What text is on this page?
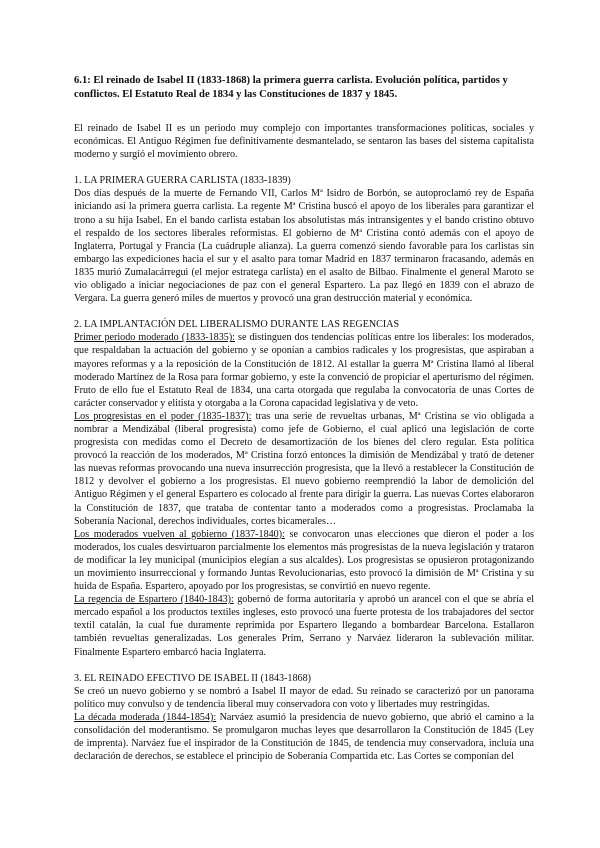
6.1: El reinado de Isabel II (1833-1868) la primera guerra carlista. Evolución política, partidos y conflictos. El Estatuto Real de 1834 y las Constituciones de 1837 y 1845.

El reinado de Isabel II es un periodo muy complejo con importantes transformaciones políticas, sociales y económicas. El Antiguo Régimen fue definitivamente desmantelado, se sentaron las bases del sistema capitalista moderno y surgió el movimiento obrero.

1. LA PRIMERA GUERRA CARLISTA (1833-1839)

Dos días después de la muerte de Fernando VII, Carlos Mª Isidro de Borbón, se autoproclamó rey de España iniciando así la primera guerra carlista. La regente Mª Cristina buscó el apoyo de los liberales para garantizar el trono a su hija Isabel. En el bando carlista estaban los absolutistas más intransigentes y el bando cristino obtuvo el respaldo de los sectores liberales reformistas. El gobierno de Mª Cristina contó además con el apoyo de Inglaterra, Portugal y Francia (La cuádruple alianza). La guerra comenzó siendo favorable para los carlistas sin embargo las expediciones hacia el sur y el asalto para tomar Madrid en 1837 terminaron fracasando, además en 1835 murió Zumalacárregui (el mejor estratega carlista) en el asalto de Bilbao. Finalmente el general Maroto se vio obligado a iniciar negociaciones de paz con el general Espartero. La paz llegó en 1839 con el abrazo de Vergara. La guerra generó miles de muertos y provocó una gran destrucción material y económica.

2. LA IMPLANTACIÓN DEL LIBERALISMO DURANTE LAS REGENCIAS

Primer periodo moderado (1833-1835): se distinguen dos tendencias políticas entre los liberales: los moderados, que respaldaban la actuación del gobierno y se oponían a cambios radicales y los progresistas, que aspiraban a mayores reformas y a la reposición de la Constitución de 1812. Al estallar la guerra Mª Cristina llamó al liberal moderado Martínez de la Rosa para formar gobierno, y este la convenció de propiciar el aperturismo del régimen. Fruto de ello fue el Estatuto Real de 1834, una carta otorgada que regulaba la convocatoria de unas Cortes de carácter conservador y elitista y otorgaba a la Corona capacidad legislativa y de veto.

Los progresistas en el poder (1835-1837): tras una serie de revueltas urbanas, Mª Cristina se vio obligada a nombrar a Mendizábal (liberal progresista) como jefe de Gobierno, el cual aplicó una legislación de corte progresista con medidas como el Decreto de desamortización de los bienes del clero regular. Esta política provocó la reacción de los moderados, Mª Cristina forzó entonces la dimisión de Mendizábal y trató de detener las nuevas reformas provocando una nueva insurrección progresista, que la llevó a restablecer la Constitución de 1812 y devolver el gobierno a los progresistas. El nuevo gobierno reemprendió la labor de demolición del Antiguo Régimen y el general Espartero es colocado al frente para dirigir la guerra. Las nuevas Cortes elaboraron la Constitución de 1837, que trataba de contentar tanto a moderados como a progresistas. Proclamaba la Soberanía Nacional, derechos individuales, cortes bicamerales…

Los moderados vuelven al gobierno (1837-1840): se convocaron unas elecciones que dieron el poder a los moderados, los cuales desvirtuaron parcialmente los elementos más progresistas de la nueva legislación y trataron de modificar la ley municipal (municipios elegían a sus alcaldes). Los progresistas se opusieron protagonizando un movimiento insurreccional y formando Juntas Revolucionarias, esto provocó la dimisión de Mª Cristina y su huida de España. Espartero, apoyado por los progresistas, se convirtió en nuevo regente.

La regencia de Espartero (1840-1843): gobernó de forma autoritaria y aprobó un arancel con el que se abría el mercado español a los productos textiles ingleses, esto provocó una fuerte protesta de los trabajadores del sector textil catalán, la cual fue duramente reprimida por Espartero llegando a bombardear Barcelona. Estallaron también revueltas generalizadas. Los generales Prim, Serrano y Narváez lideraron la sublevación militar. Finalmente Espartero embarcó hacia Inglaterra.

3. EL REINADO EFECTIVO DE ISABEL II (1843-1868)

Se creó un nuevo gobierno y se nombró a Isabel II mayor de edad. Su reinado se caracterizó por un panorama político muy convulso y de tendencia liberal muy conservadora con voto y libertades muy restringidas.

La década moderada (1844-1854): Narváez asumió la presidencia de nuevo gobierno, que abrió el camino a la consolidación del moderantismo. Se promulgaron muchas leyes que desarrollaron la Constitución de 1845 (Ley de imprenta). Narváez fue el inspirador de la Constitución de 1845, de tendencia muy conservadora, incluía una declaración de derechos, se establece el principio de Soberanía Compartida etc. Las Cortes se componían del
